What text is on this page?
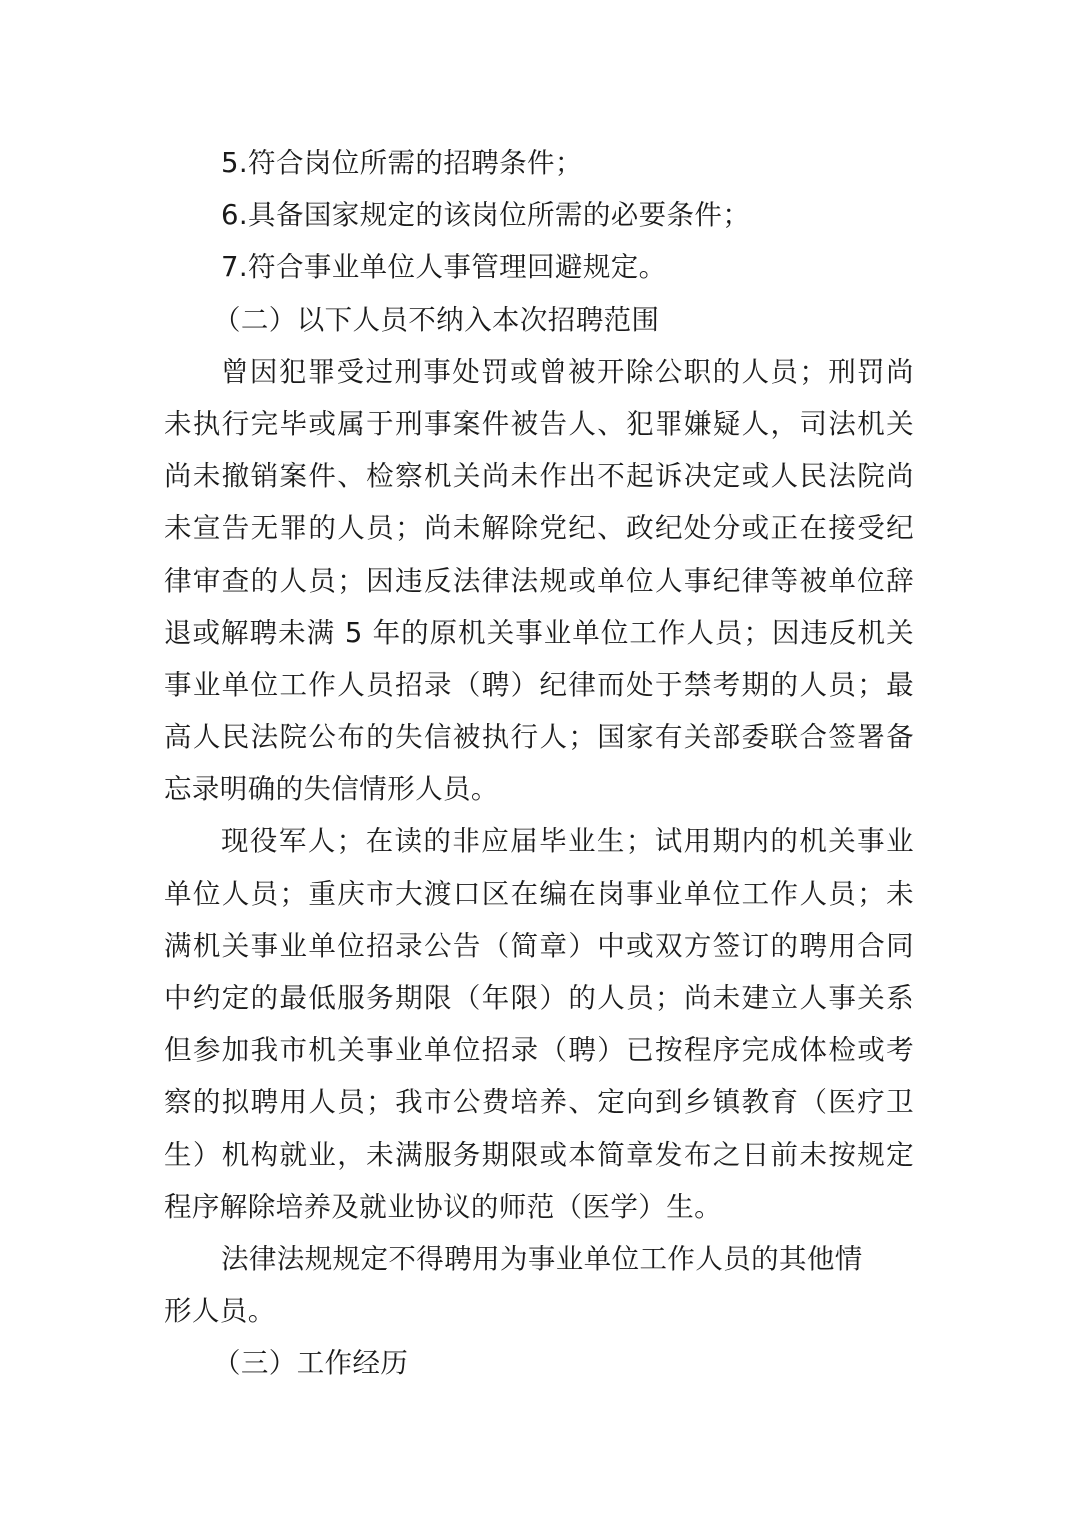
5.符合岗位所需的招聘条件；
6.具备国家规定的该岗位所需的必要条件；
7.符合事业单位人事管理回避规定。
（二）以下人员不纳入本次招聘范围

曾因犯罪受过刑事处罚或曾被开除公职的人员；刑罚尚

未执行完毕或属于刑事案件被告人、犯罪嫌疑人，司法机关

尚未撤销案件、检察机关尚未作出不起诉决定或人民法院尚

未宣告无罪的人员；尚未解除党纪、政纪处分或正在接受纪

律审查的人员；因违反法律法规或单位人事纪律等被单位辞

退或解聘未满 5 年的原机关事业单位工作人员；因违反机关

事业单位工作人员招录（聘）纪律而处于禁考期的人员；最

高人民法院公布的失信被执行人；国家有关部委联合签署备

忘录明确的失信情形人员。

现役军人；在读的非应届毕业生；试用期内的机关事业

单位人员；重庆市大渡口区在编在岗事业单位工作人员；未

满机关事业单位招录公告（简章）中或双方签订的聘用合同

中约定的最低服务期限（年限）的人员；尚未建立人事关系

但参加我市机关事业单位招录（聘）已按程序完成体检或考

察的拟聘用人员；我市公费培养、定向到乡镇教育（医疗卫

生）机构就业，未满服务期限或本简章发布之日前未按规定

程序解除培养及就业协议的师范（医学）生。

法律法规规定不得聘用为事业单位工作人员的其他情

形人员。

（三）工作经历
